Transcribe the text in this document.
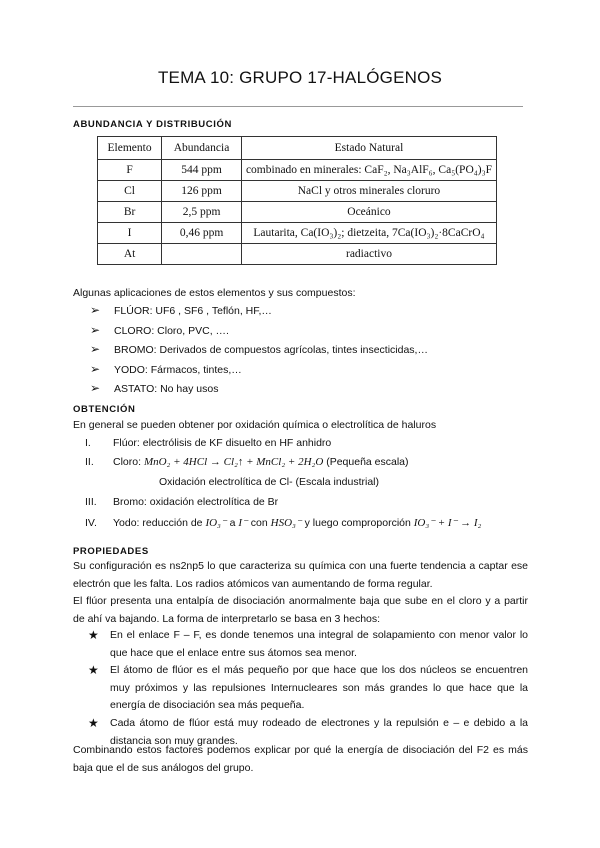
TEMA 10: GRUPO 17-HALÓGENOS
ABUNDANCIA Y DISTRIBUCIÓN
Elemento	Abundancia	Estado Natural
F	544 ppm	combinado en minerales: CaF₂, Na₃AlF₆, Ca₅(PO₄)₃F
Cl	126 ppm	NaCl y otros minerales cloruro
Br	2,5 ppm	Oceánico
I	0,46 ppm	Lautarita, Ca(IO₃)₂; dietzeita, 7Ca(IO₃)₂·8CaCrO₄
At		radiactivo
Algunas aplicaciones de estos elementos y sus compuestos:
➢ FLÚOR: UF6 , SF6 , Teflón, HF,…
➢ CLORO: Cloro, PVC, ….
➢ BROMO: Derivados de compuestos agrícolas, tintes insecticidas,…
➢ YODO: Fármacos, tintes,…
➢ ASTATO: No hay usos
OBTENCIÓN
En general se pueden obtener por oxidación química o electrolítica de haluros
I.	Flúor: electrólisis de KF disuelto en HF anhidro
II.	Cloro: MnO₂ + 4HCl → Cl₂↑ + MnCl₂ + 2H₂O (Pequeña escala)
Oxidación electrolítica de Cl- (Escala industrial)
III.	Bromo: oxidación electrolítica de Br
IV.	Yodo: reducción de IO₃⁻ a I⁻ con HSO₃⁻ y luego comproporción IO₃⁻ + I⁻ → I₂
PROPIEDADES
Su configuración es ns2np5 lo que caracteriza su química con una fuerte tendencia a captar ese electrón que les falta. Los radios atómicos van aumentando de forma regular.
El flúor presenta una entalpía de disociación anormalmente baja que sube en el cloro y a partir de ahí va bajando. La forma de interpretarlo se basa en 3 hechos:
★ En el enlace F – F, es donde tenemos una integral de solapamiento con menor valor lo que hace que el enlace entre sus átomos sea menor.
★ El átomo de flúor es el más pequeño por que hace que los dos núcleos se encuentren muy próximos y las repulsiones Internucleares son más grandes lo que hace que la energía de disociación sea más pequeña.
★ Cada átomo de flúor está muy rodeado de electrones y la repulsión e – e debido a la distancia son muy grandes.
Combinando estos factores podemos explicar por qué la energía de disociación del F2 es más baja que el de sus análogos del grupo.
